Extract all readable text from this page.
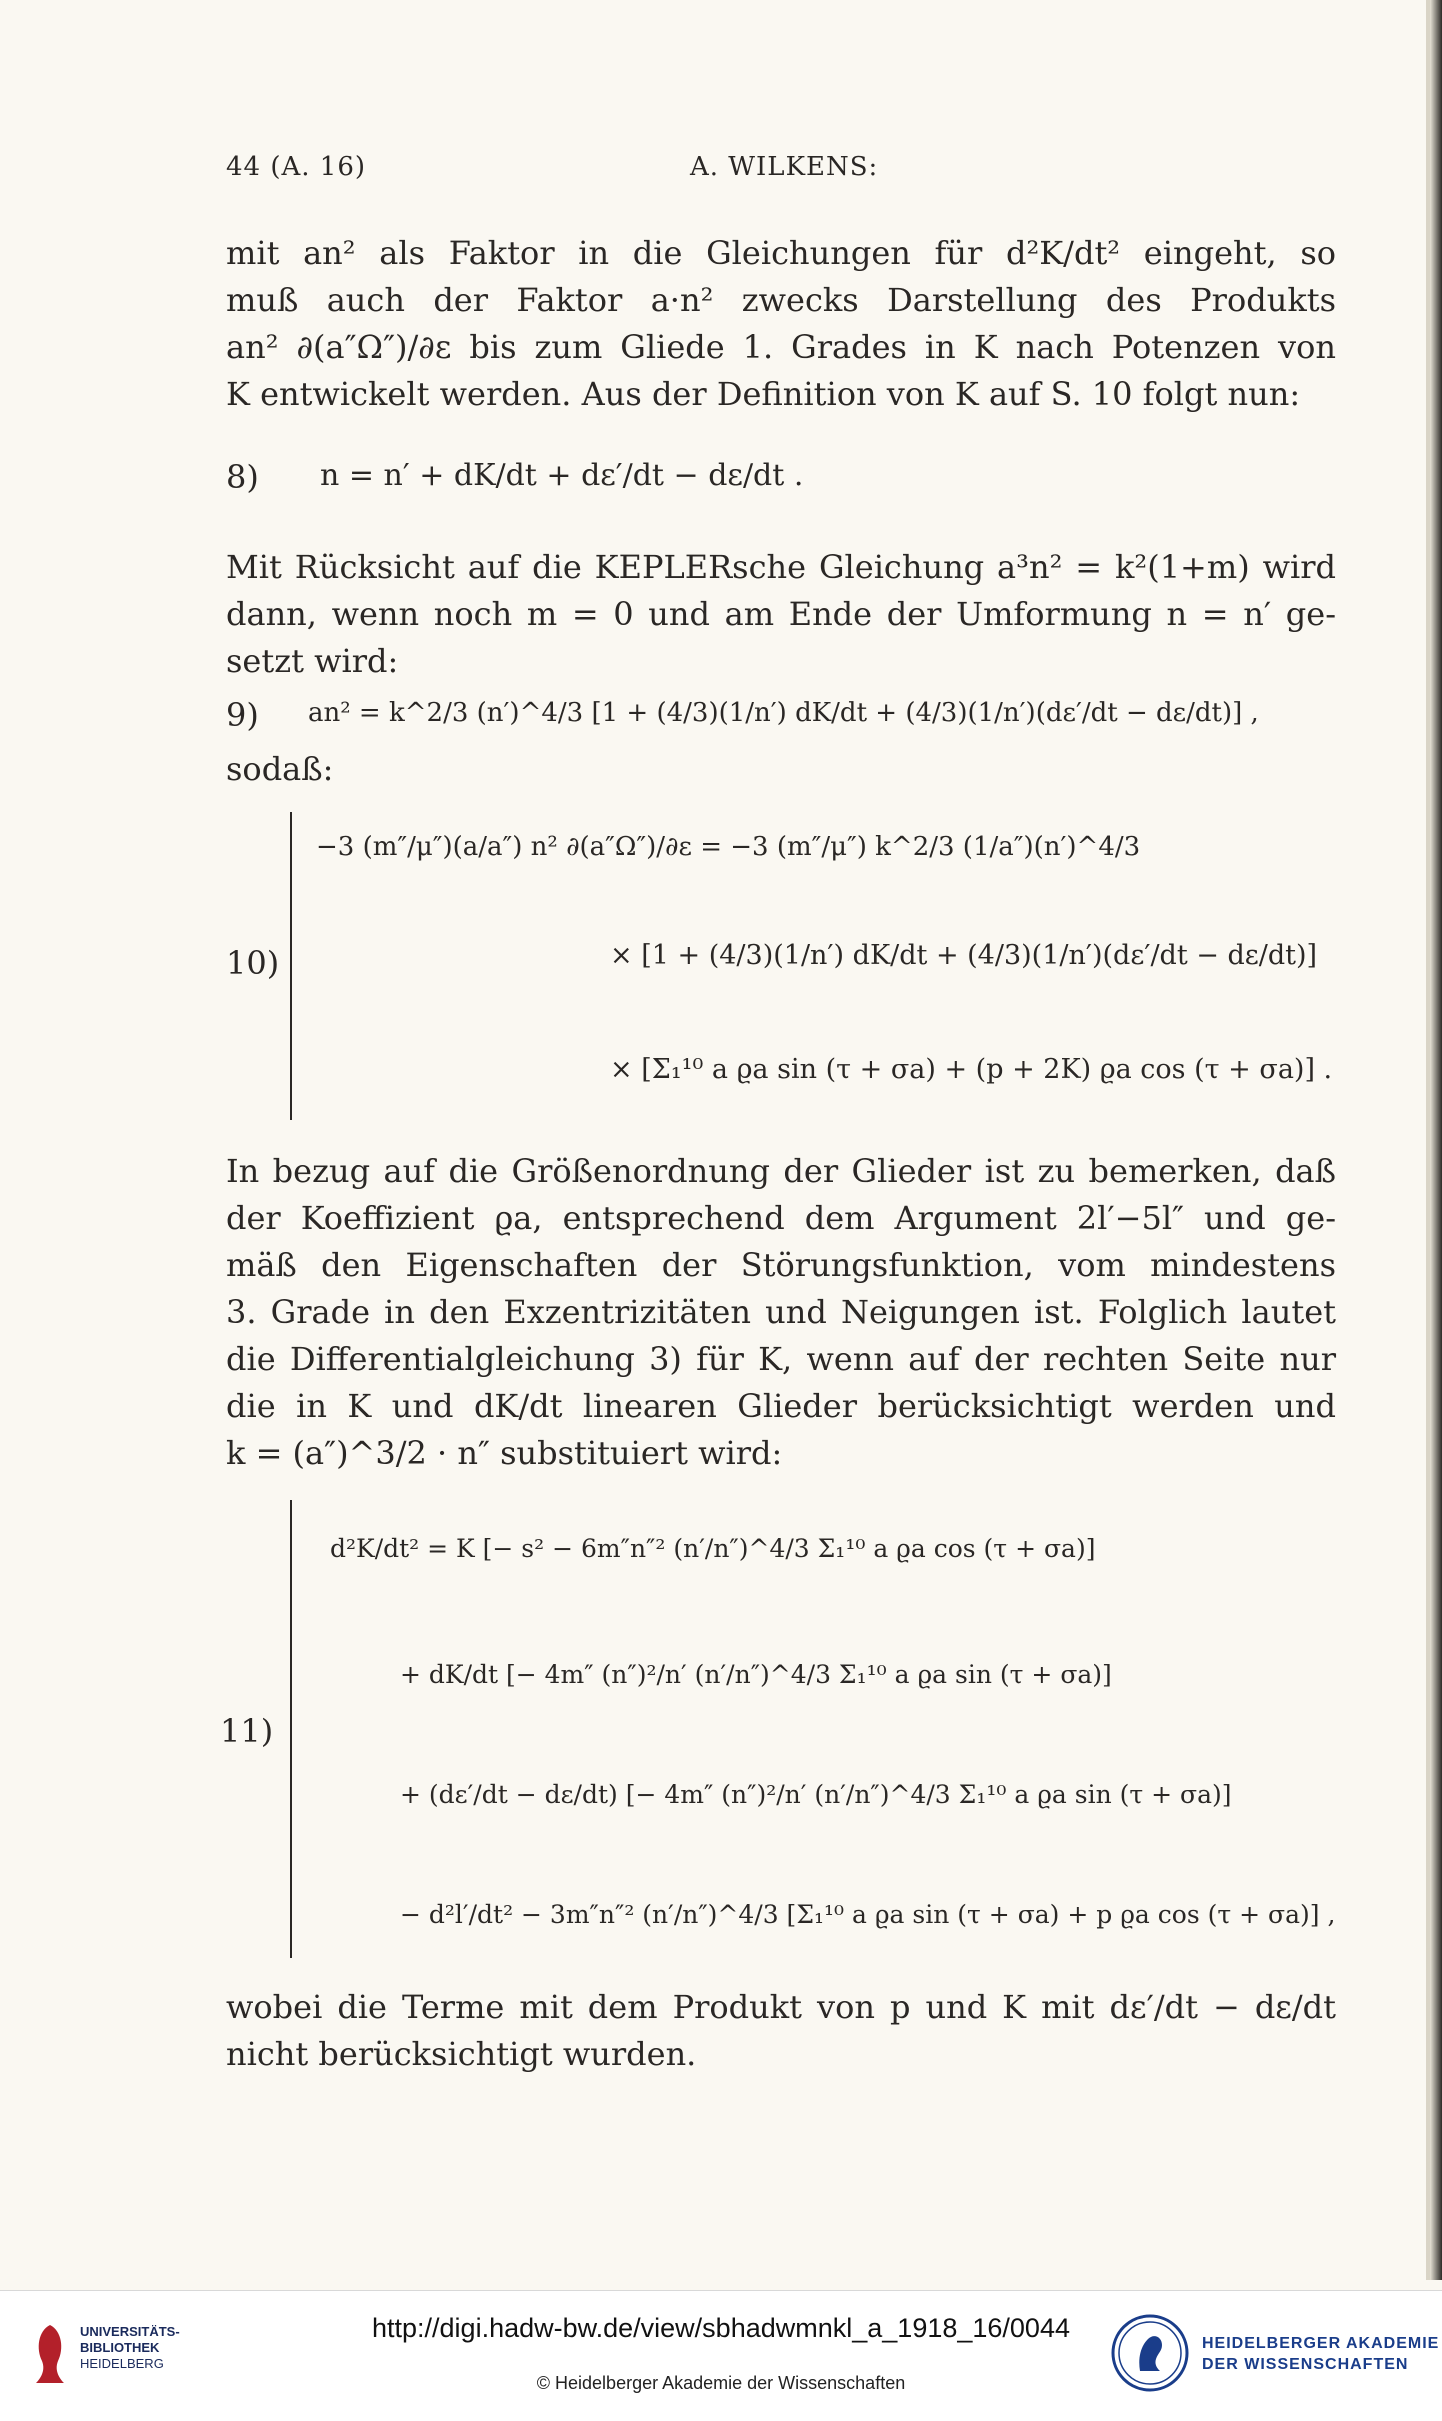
44 (A. 16)	A. WILKENS:

mit an² als Faktor in die Gleichungen für d²K/dt² eingeht, so
muß auch der Faktor a·n² zwecks Darstellung des Produkts
an² ∂(a″Ω″)/∂ε bis zum Gliede 1. Grades in K nach Potenzen von
K entwickelt werden. Aus der Definition von K auf S. 10 folgt nun:

8) n = n′ + dK/dt + dε′/dt − dε/dt .

Mit Rücksicht auf die KEPLERsche Gleichung a³n² = k²(1+m) wird
dann, wenn noch m = 0 und am Ende der Umformung n = n′ ge-
setzt wird:

9) an² = k^2/3 (n′)^4/3 [1 + (4/3)(1/n′) dK/dt + (4/3)(1/n′)(dε′/dt − dε/dt)] ,

sodaß:

10)
−3 (m″/μ″)(a/a″) n² ∂(a″Ω″)/∂ε = −3 (m″/μ″) k^2/3 (1/a″)(n′)^4/3
× [1 + (4/3)(1/n′) dK/dt + (4/3)(1/n′)(dε′/dt − dε/dt)]
× [Σ₁¹⁰ a ϱa sin (τ + σa) + (p + 2K) ϱa cos (τ + σa)] .

In bezug auf die Größenordnung der Glieder ist zu bemerken, daß
der Koeffizient ϱa, entsprechend dem Argument 2l′−5l″ und ge-
mäß den Eigenschaften der Störungsfunktion, vom mindestens
3. Grade in den Exzentrizitäten und Neigungen ist. Folglich lautet
die Differentialgleichung 3) für K, wenn auf der rechten Seite nur
die in K und dK/dt linearen Glieder berücksichtigt werden und
k = (a″)^3/2 · n″ substituiert wird:

11)
d²K/dt² = K [− s² − 6m″n″² (n′/n″)^4/3 Σ₁¹⁰ a ϱa cos (τ + σa)]
+ dK/dt [− 4m″ (n″)²/n′ (n′/n″)^4/3 Σ₁¹⁰ a ϱa sin (τ + σa)]
+ (dε′/dt − dε/dt) [− 4m″ (n″)²/n′ (n′/n″)^4/3 Σ₁¹⁰ a ϱa sin (τ + σa)]
− d²l′/dt² − 3m″n″² (n′/n″)^4/3 [Σ₁¹⁰ a ϱa sin (τ + σa) + p ϱa cos (τ + σa)] ,

wobei die Terme mit dem Produkt von p und K mit dε′/dt − dε/dt
nicht berücksichtigt wurden.

UNIVERSITÄTS-
BIBLIOTHEK
HEIDELBERG
http://digi.hadw-bw.de/view/sbhadwmnkl_a_1918_16/0044
© Heidelberger Akademie der Wissenschaften
HEIDELBERGER AKADEMIE
DER WISSENSCHAFTEN
